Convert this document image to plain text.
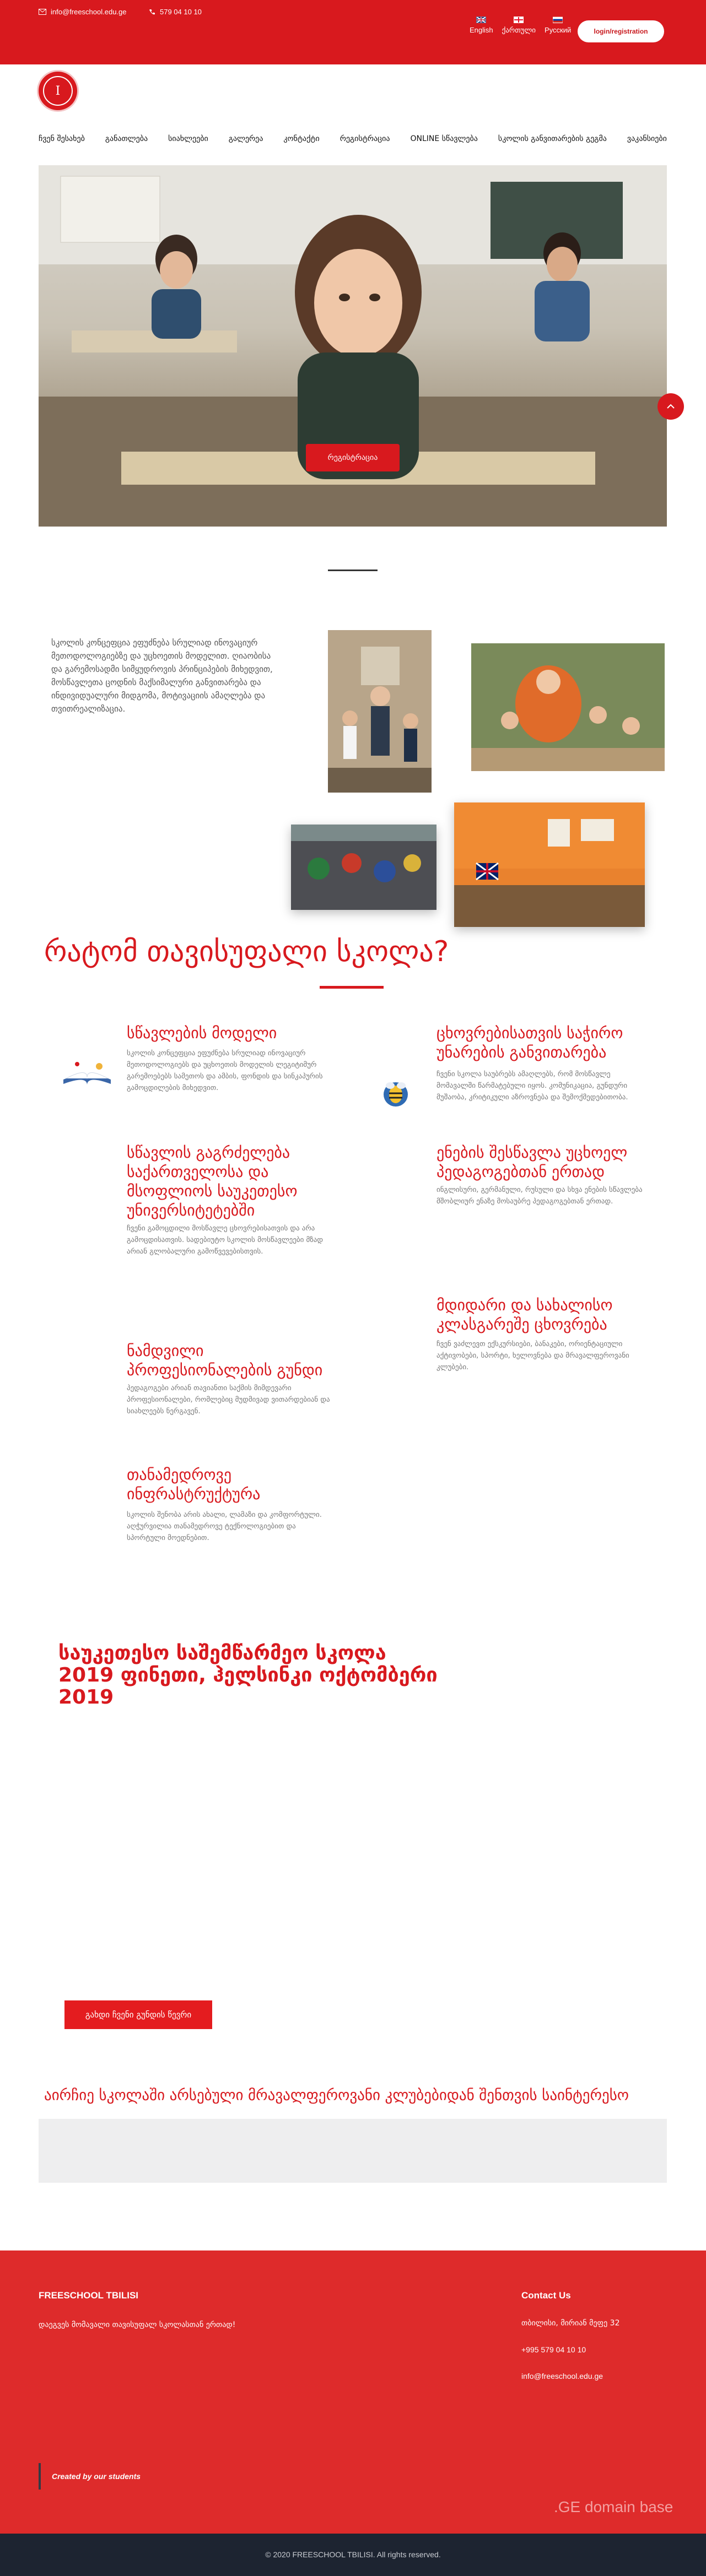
info@freeschool.edu.ge	579 04 10 10
English ქართული Русский	login/registration
I
ჩვენ შესახებ	განათლება	სიახლეები	გალერეა	კონტაქტი	რეგისტრაცია	ONLINE სწავლება	სკოლის განვითარების გეგმა	ვაკანსიები
რეგისტრაცია
სკოლის კონცეფცია ეფუძნება სრულიად ინოვაციურ მეთოდოლოგიებზე და უცხოეთის მოდელით. ღიაობისა და გარემოსადმი სიმყუდროვის პრინციპების მიხედვით, მოსწავლეთა ცოდნის მაქსიმალური განვითარება და ინდივიდუალური მიდგომა, მოტივაციის ამაღლება და თვითრეალიზაცია.
რატომ თავისუფალი სკოლა?
სწავლების მოდელი
სკოლის კონცეფცია ეფუძნება სრულიად ინოვაციურ მეთოდოლოგიებს და უცხოეთის მოდელის ლეგიტიმურ გარემოებებს სამეთოს და ამბის, ფონდის და სინკაპურის გამოცდილების მიხედვით.
ცხოვრებისათვის საჭირო უნარების განვითარება
ჩვენი სკოლა საუბრებს ამაღლებს, რომ მოსწავლე მომავალში წარმატებული იყოს. კომუნიკაცია, გუნდური მუშაობა, კრიტიკული აზროვნება და შემოქმედებითობა.
სწავლის გაგრძელება საქართველოსა და მსოფლიოს საუკეთესო უნივერსიტეტებში
ჩვენი გამოცდილი მოსწავლე ცხოვრებისათვის და არა გამოცდისათვის. სადებიუტო სკოლის მოსწავლეები მზად არიან გლობალური გამოწვევებისთვის.
ენების შესწავლა უცხოელ პედაგოგებთან ერთად
ინგლისური, გერმანული, რუსული და სხვა ენების სწავლება მშობლიურ ენაზე მოსაუბრე პედაგოგებთან ერთად.
ნამდვილი პროფესიონალების გუნდი
პედაგოგები არიან თავიანთი საქმის მიმდევარი პროფესიონალები, რომლებიც მუდმივად ვითარდებიან და სიახლეებს ნერგავენ.
მდიდარი და სახალისო კლასგარეშე ცხოვრება
ჩვენ ვაძლევთ ექსკურსიები, ბანაკები, ორიენტაციული აქტივობები, სპორტი, ხელოვნება და მრავალფეროვანი კლუბები.
თანამედროვე ინფრასტრუქტურა
სკოლის შენობა არის ახალი, ლამაზი და კომფორტული. აღჭურვილია თანამედროვე ტექნოლოგიებით და სპორტული მოედნებით.
საუკეთესო საშემწარმეო სკოლა 2019 ფინეთი, ჰელსინკი ოქტომბერი 2019
გახდი ჩვენი გუნდის წევრი
აირჩიე სკოლაში არსებული მრავალფეროვანი კლუბებიდან შენთვის საინტერესო
FREESCHOOL TBILISI
დაეგვეს მომავალი თავისუფალ სკოლასთან ერთად!
Contact Us
თბილისი, მირიან მეფე 32
+995 579 04 10 10
info@freeschool.edu.ge
Created by our students
.GE domain base
© 2020 FREESCHOOL TBILISI. All rights reserved.
